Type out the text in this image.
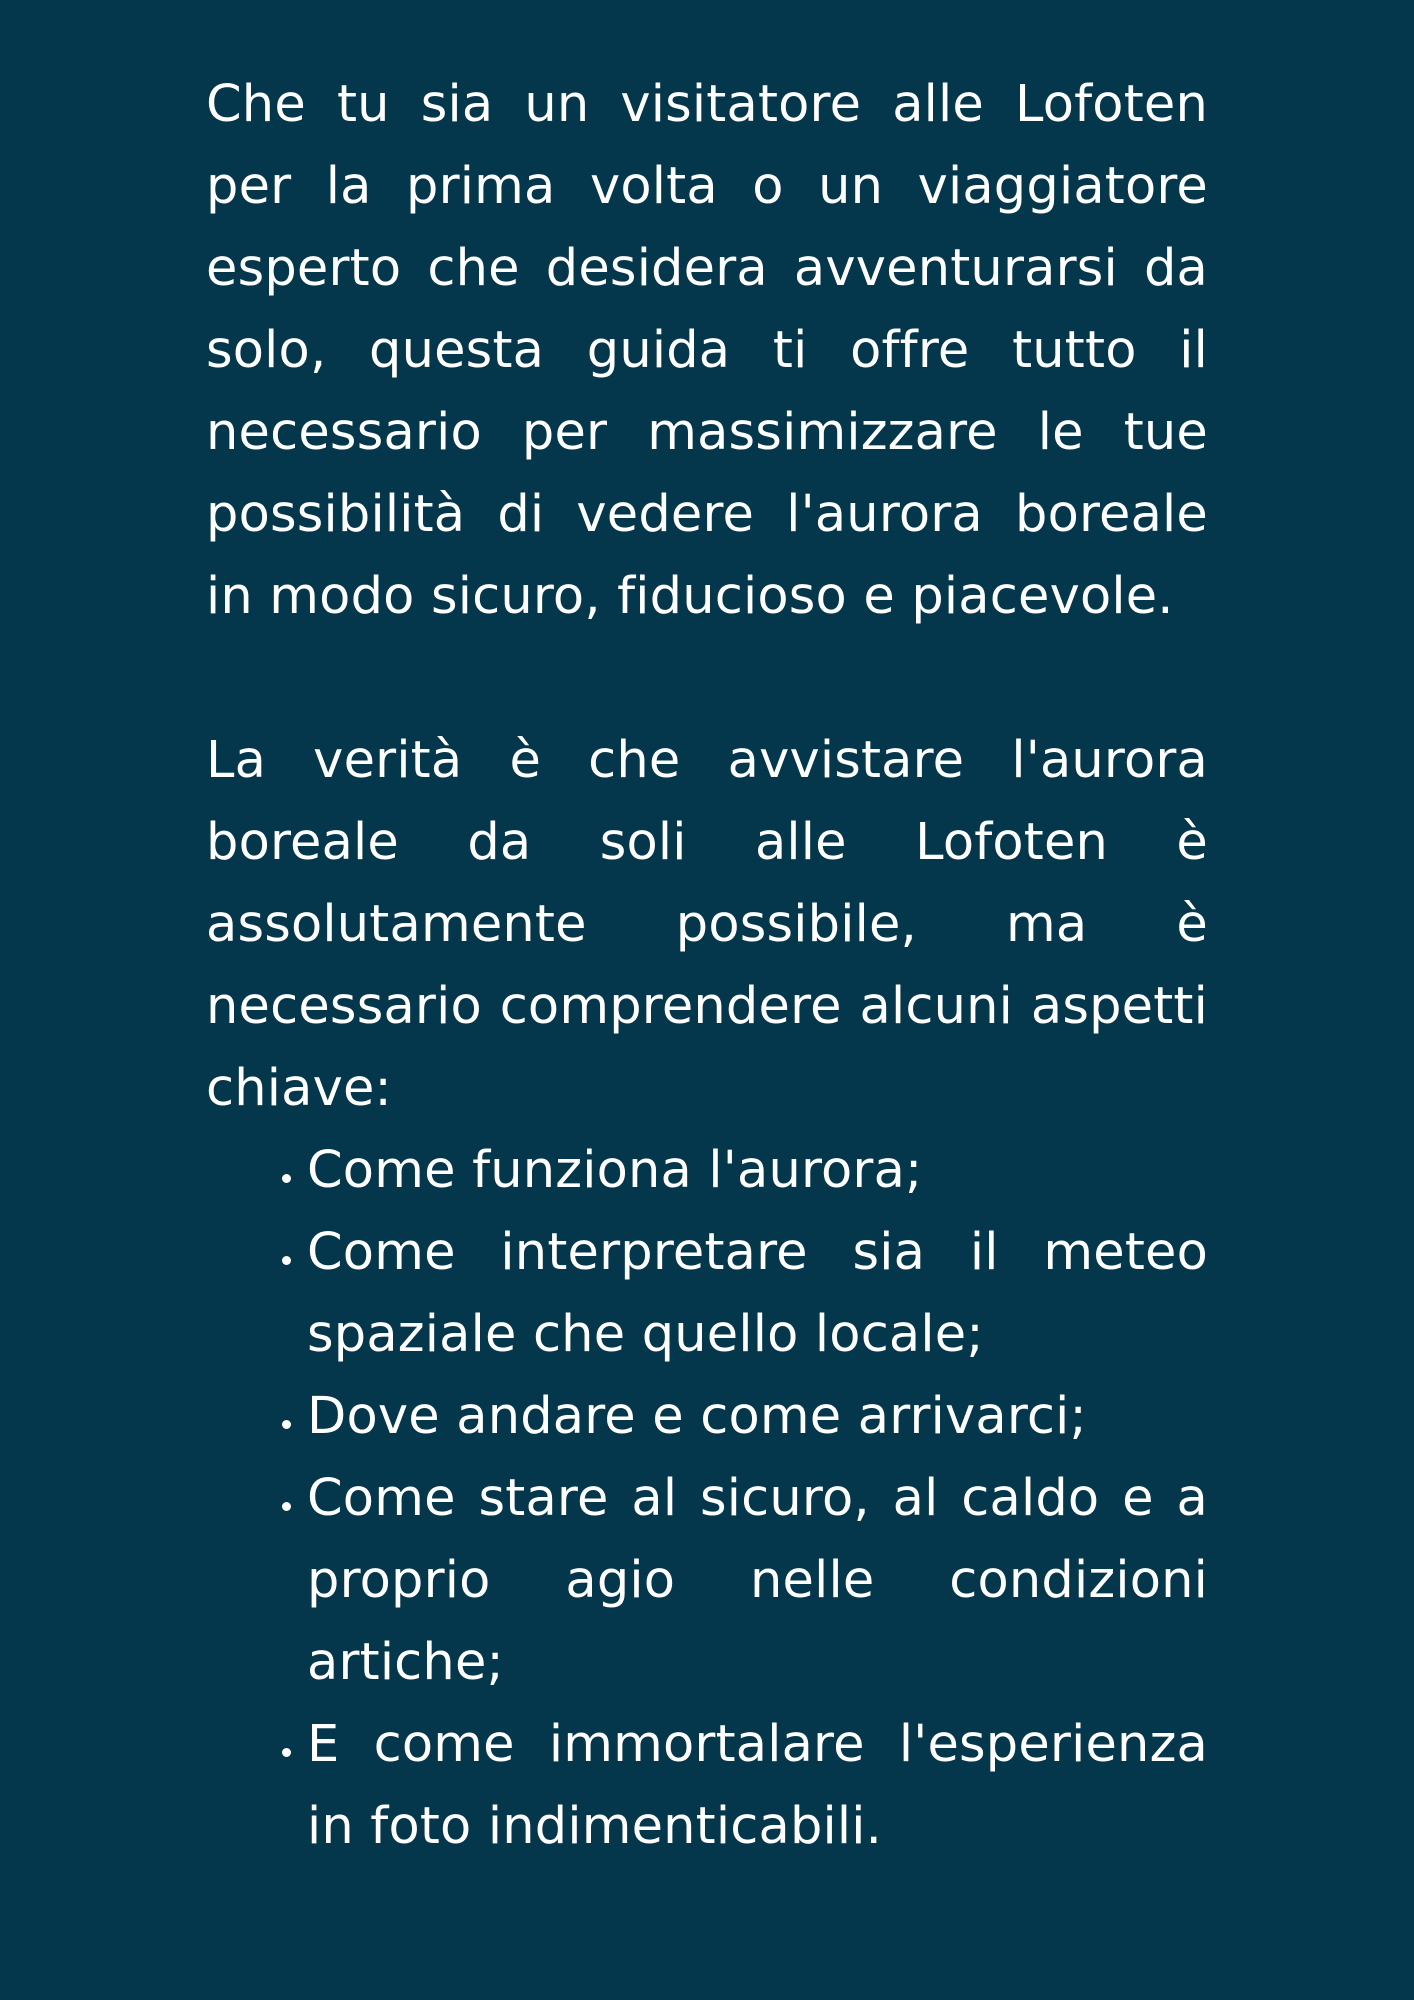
Che tu sia un visitatore alle Lofoten per la prima volta o un viaggiatore esperto che desidera avventurarsi da solo, questa guida ti offre tutto il necessario per massimizzare le tue possibilità di vedere l'aurora boreale in modo sicuro, fiducioso e piacevole.

La verità è che avvistare l'aurora boreale da soli alle Lofoten è assolutamente possibile, ma è necessario comprendere alcuni aspetti chiave:

• Come funziona l'aurora;
• Come interpretare sia il meteo spaziale che quello locale;
• Dove andare e come arrivarci;
• Come stare al sicuro, al caldo e a proprio agio nelle condizioni artiche;
• E come immortalare l'esperienza in foto indimenticabili.
